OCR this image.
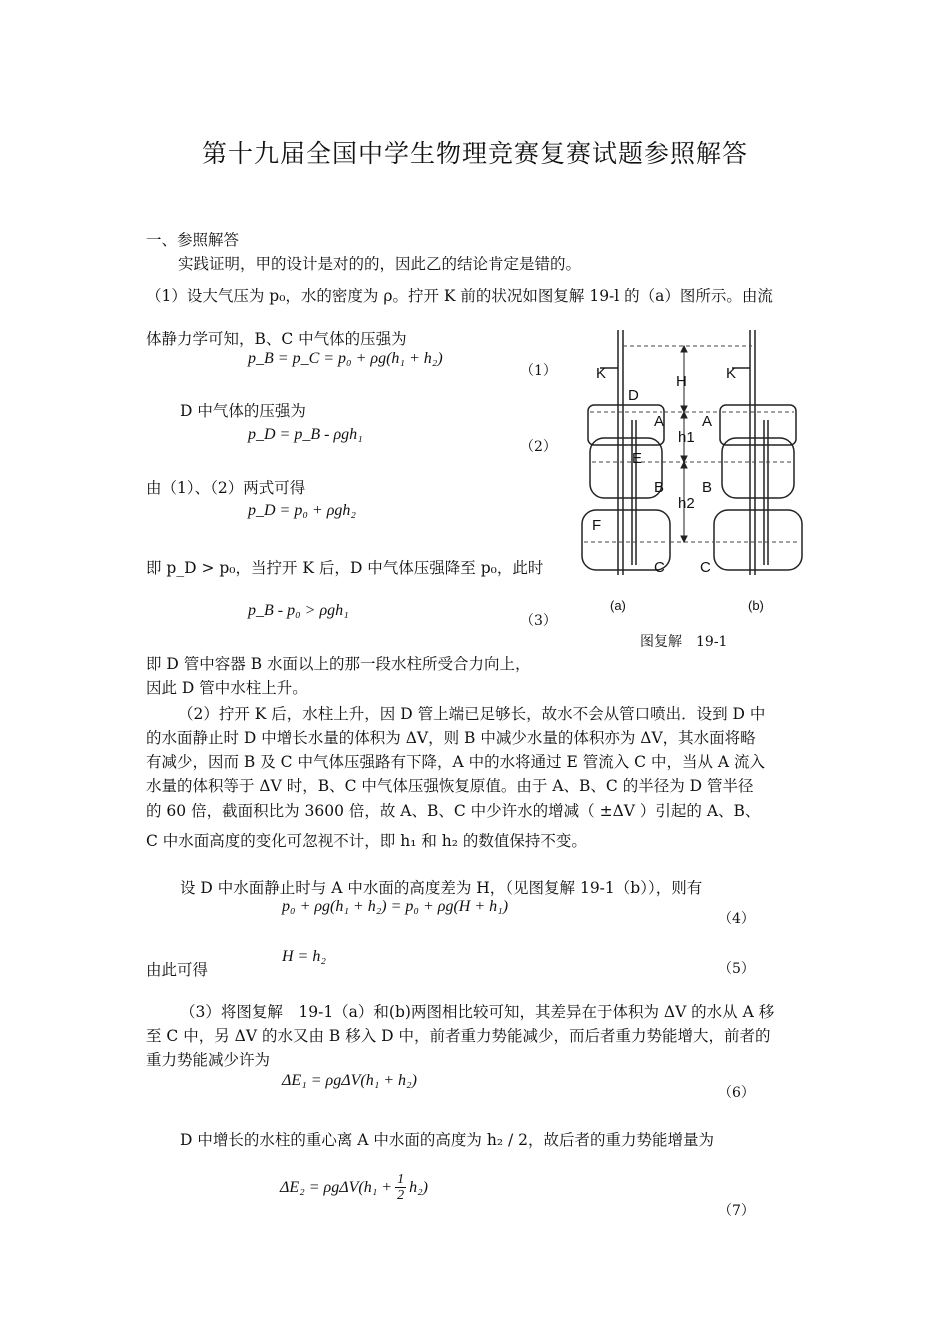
第十九届全国中学生物理竞赛复赛试题参照解答
一、参照解答
实践证明，甲的设计是对的的，因此乙的结论肯定是错的。
（1）设大气压为 p₀，水的密度为 ρ。拧开 K 前的状况如图复解 19-l 的（a）图所示。由流
体静力学可知，B、C 中气体的压强为
p_B = p_C = p₀ + ρg(h₁ + h₂)
（1）
D 中气体的压强为
p_D = p_B - ρgh₁
（2）
由（1）、（2）两式可得
p_D = p₀ + ρgh₂
即 p_D > p₀，当拧开 K 后，D 中气体压强降至 p₀，此时
p_B - p₀ > ρgh₁
（3）
即 D 管中容器 B 水面以上的那一段水柱所受合力向上，
因此 D 管中水柱上升。
（2）拧开 K 后，水柱上升，因 D 管上端已足够长，故水不会从管口喷出．设到 D 中
的水面静止时 D 中增长水量的体积为 ΔV，则 B 中减少水量的体积亦为 ΔV，其水面将略
有减少，因而 B 及 C 中气体压强路有下降，A 中的水将通过 E 管流入 C 中，当从 A 流入
水量的体积等于 ΔV 时，B、C 中气体压强恢复原值。由于 A、B、C 的半径为 D 管半径
的 60 倍，截面积比为 3600 倍，故 A、B、C 中少许水的增减（ ±ΔV ）引起的 A、B、
C 中水面高度的变化可忽视不计，即 h₁ 和 h₂ 的数值保持不变。
设 D 中水面静止时与 A 中水面的高度差为 H，（见图复解 19-1（b）），则有
p₀ + ρg(h₁ + h₂) = p₀ + ρg(H + h₁)
（4）
由此可得
H = h₂
（5）
（3）将图复解　19-1（a）和(b)两图相比较可知，其差异在于体积为 ΔV 的水从 A 移
至 C 中，另 ΔV 的水又由 B 移入 D 中，前者重力势能减少，而后者重力势能增大，前者的
重力势能减少许为
ΔE₁ = ρgΔV(h₁ + h₂)
（6）
D 中增长的水柱的重心离 A 中水面的高度为 h₂ / 2，故后者的重力势能增量为
$\Delta E_2 = \rho g\Delta V(h_1 + \frac{1}{2} h_2)$
（7）
K
D
A
E
B
F
C
H
h1
h2
K
A
B
C
(a)	(b)
图复解　19-1
